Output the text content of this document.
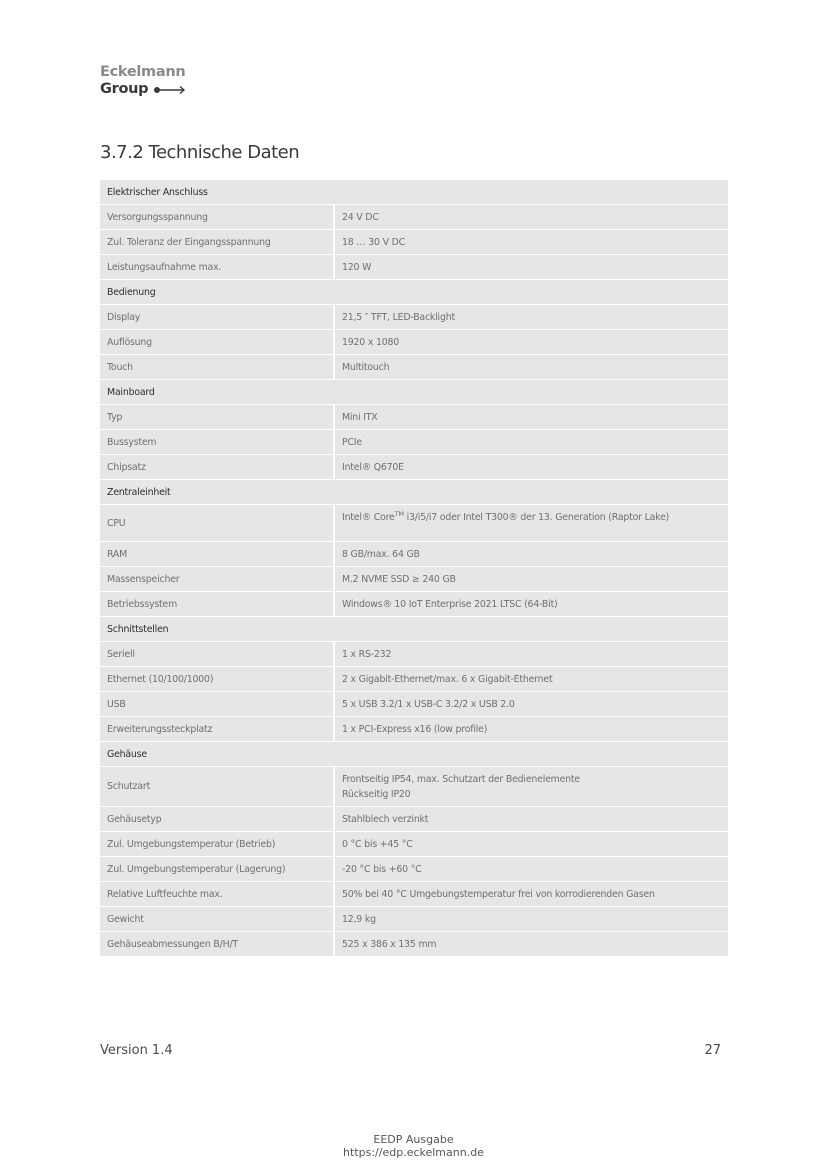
Eckelmann
Group
3.7.2 Technische Daten
Elektrischer Anschluss	
Versorgungsspannung	24 V DC
Zul. Toleranz der Eingangsspannung	18 … 30 V DC
Leistungsaufnahme max.	120 W
Bedienung	
Display	21,5 ″ TFT, LED-Backlight
Auflösung	1920 x 1080
Touch	Multitouch
Mainboard	
Typ	Mini ITX
Bussystem	PCIe
Chipsatz	Intel® Q670E
Zentraleinheit	
CPU	Intel® Core™ i3/i5/i7 oder Intel T300® der 13. Generation (Raptor Lake)
RAM	8 GB/max. 64 GB
Massenspeicher	M.2 NVME SSD ≥ 240 GB
Betriebssystem	Windows® 10 IoT Enterprise 2021 LTSC (64-Bit)
Schnittstellen	
Seriell	1 x RS-232
Ethernet (10/100/1000)	2 x Gigabit-Ethernet/max. 6 x Gigabit-Ethernet
USB	5 x USB 3.2/1 x USB-C 3.2/2 x USB 2.0
Erweiterungssteckplatz	1 x PCI-Express x16 (low profile)
Gehäuse	
Schutzart	Frontseitig IP54, max. Schutzart der Bedienelemente
Rückseitig IP20

Gehäusetyp	Stahlblech verzinkt
Zul. Umgebungstemperatur (Betrieb)	0 °C bis +45 °C
Zul. Umgebungstemperatur (Lagerung)	-20 °C bis +60 °C
Relative Luftfeuchte max.	50% bei 40 °C Umgebungstemperatur frei von korrodierenden Gasen
Gewicht	12,9 kg
Gehäuseabmessungen B/H/T	525 x 386 x 135 mm
Version 1.4	27
EEDP Ausgabe
https://edp.eckelmann.de
